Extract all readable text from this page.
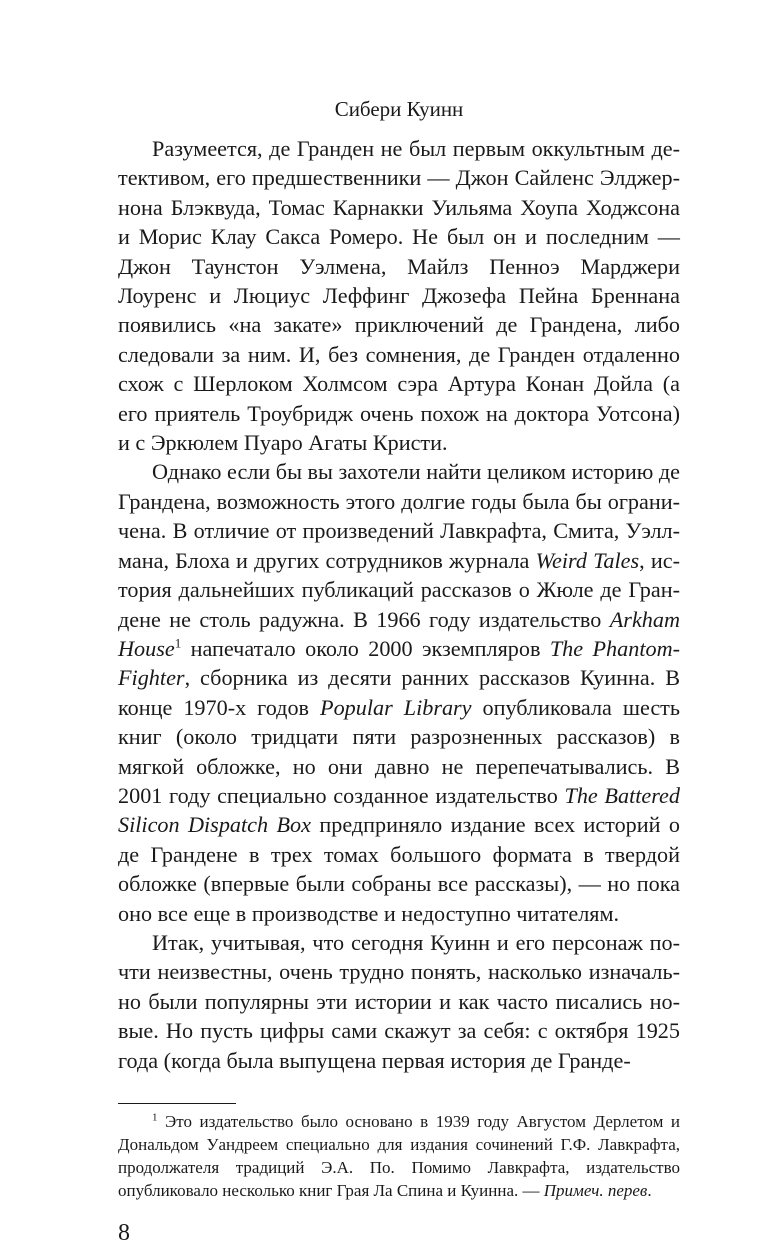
Сибери Куинн

Разумеется, де Гранден не был первым оккультным детективом, его предшественники — Джон Сайленс Элджернона Блэквуда, Томас Карнакки Уильяма Хоупа Ходжсона и Морис Клау Сакса Ромеро. Не был он и последним — Джон Таунстон Уэлмена, Майлз Пенноэ Марджери Лоуренс и Люциус Леффинг Джозефа Пейна Бреннана появились «на закате» приключений де Грандена, либо следовали за ним. И, без сомнения, де Гранден отдаленно схож с Шерлоком Холмсом сэра Артура Конан Дойла (а его приятель Троубридж очень похож на доктора Уотсона) и с Эркюлем Пуаро Агаты Кристи.

Однако если бы вы захотели найти целиком историю де Грандена, возможность этого долгие годы была бы ограничена. В отличие от произведений Лавкрафта, Смита, Уэллмана, Блоха и других сотрудников журнала Weird Tales, история дальнейших публикаций рассказов о Жюле де Грандене не столь радужна. В 1966 году издательство Arkham House$^1$ напечатало около 2000 экземпляров The Phantom-Fighter, сборника из десяти ранних рассказов Куинна. В конце 1970-х годов Popular Library опубликовала шесть книг (около тридцати пяти разрозненных рассказов) в мягкой обложке, но они давно не перепечатывались. В 2001 году специально созданное издательство The Battered Silicon Dispatch Box предприняло издание всех историй о де Грандене в трех томах большого формата в твердой обложке (впервые были собраны все рассказы), — но пока оно все еще в производстве и недоступно читателям.

Итак, учитывая, что сегодня Куинн и его персонаж почти неизвестны, очень трудно понять, насколько изначально были популярны эти истории и как часто писались новые. Но пусть цифры сами скажут за себя: с октября 1925 года (когда была выпущена первая история де Гранде-

$^1$ Это издательство было основано в 1939 году Августом Дерлетом и Дональдом Уандреем специально для издания сочинений Г.Ф. Лавкрафта, продолжателя традиций Э.А. По. Помимо Лавкрафта, издательство опубликовало несколько книг Грая Ла Спина и Куинна. — Примеч. перев.

8
